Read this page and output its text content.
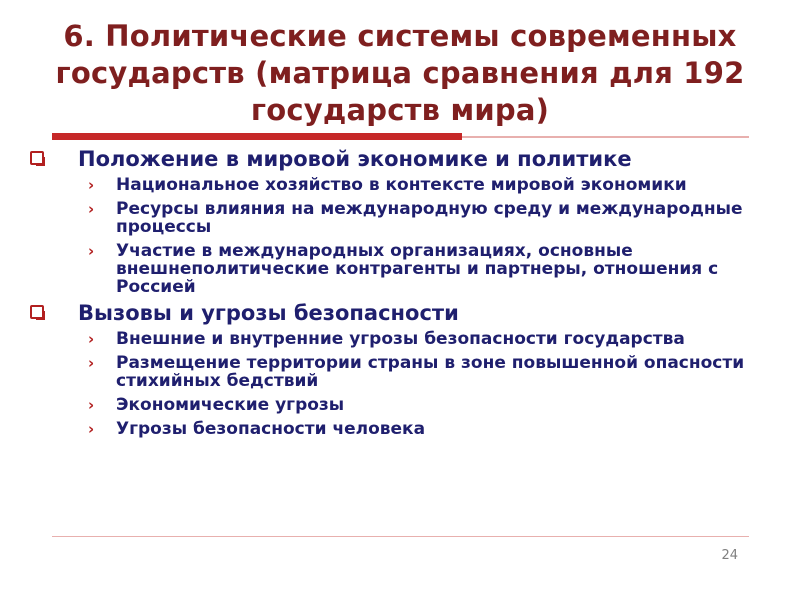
6. Политические системы современных государств (матрица сравнения для 192 государств мира)
Положение в мировой экономике и политике
› Национальное хозяйство в контексте мировой экономики
› Ресурсы влияния на международную среду и международные процессы
› Участие в международных организациях, основные внешнеполитические контрагенты и партнеры, отношения с Россией
Вызовы и угрозы безопасности
› Внешние и внутренние угрозы безопасности государства
› Размещение территории страны в зоне повышенной опасности стихийных бедствий
› Экономические угрозы
› Угрозы безопасности человека
24
